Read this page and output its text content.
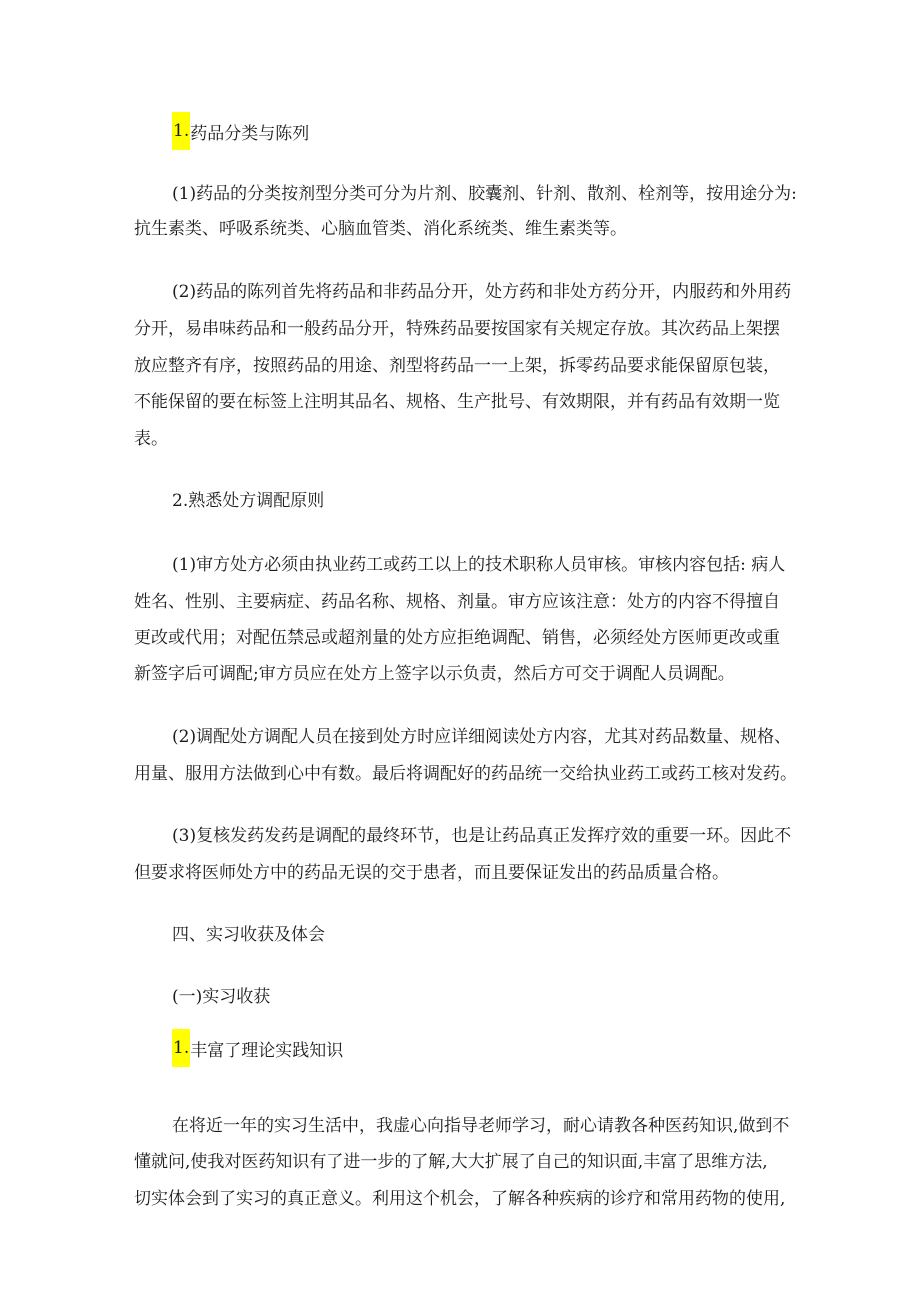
1.药品分类与陈列
(1)药品的分类按剂型分类可分为片剂、胶囊剂、针剂、散剂、栓剂等，按用途分为:
抗生素类、呼吸系统类、心脑血管类、消化系统类、维生素类等。
(2)药品的陈列首先将药品和非药品分开，处方药和非处方药分开，内服药和外用药
分开，易串味药品和一般药品分开，特殊药品要按国家有关规定存放。其次药品上架摆
放应整齐有序，按照药品的用途、剂型将药品一一上架，拆零药品要求能保留原包装，
不能保留的要在标签上注明其品名、规格、生产批号、有效期限，并有药品有效期一览
表。
2.熟悉处方调配原则
(1)审方处方必须由执业药工或药工以上的技术职称人员审核。审核内容包括: 病人
姓名、性别、主要病症、药品名称、规格、剂量。审方应该注意：处方的内容不得擅自
更改或代用；对配伍禁忌或超剂量的处方应拒绝调配、销售，必须经处方医师更改或重
新签字后可调配;审方员应在处方上签字以示负责，然后方可交于调配人员调配。
(2)调配处方调配人员在接到处方时应详细阅读处方内容，尤其对药品数量、规格、
用量、服用方法做到心中有数。最后将调配好的药品统一交给执业药工或药工核对发药。
(3)复核发药发药是调配的最终环节，也是让药品真正发挥疗效的重要一环。因此不
但要求将医师处方中的药品无误的交于患者，而且要保证发出的药品质量合格。
四、实习收获及体会
(一)实习收获
1.丰富了理论实践知识
在将近一年的实习生活中，我虚心向指导老师学习，耐心请教各种医药知识,做到不
懂就问,使我对医药知识有了进一步的了解,大大扩展了自己的知识面,丰富了思维方法,
切实体会到了实习的真正意义。利用这个机会，了解各种疾病的诊疗和常用药物的使用,
